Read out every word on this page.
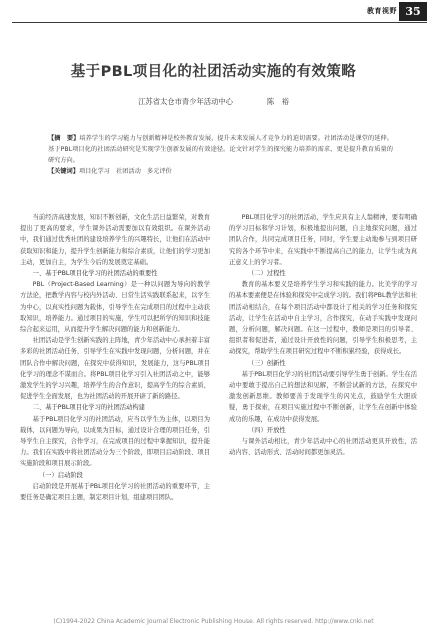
教育视野 35
基于PBL项目化的社团活动实施的有效策略
江苏省太仓市青少年活动中心	陈　裕
【摘　要】培养学生的学习能力与创新精神是校外教育发展，提升未来发展人才竞争力的迫切需要。社团活动是课堂的延伸。基于PBL项目化的社团活动研究是实现学生创新发展的有效途径。论文针对学生的探究能力培养的需求，更是提升教育质量的研究方向。
【关键词】项目化学习　社团活动　多元评价

当前经济高速发展，知识不断创新，文化生活日益繁荣，对教育提出了更高的要求，学生课外活动需要加以有效组织。在课外活动中，我们通过优秀社团的建设培养学生的兴趣特长，让他们在活动中获取知识和能力，提升学生创新能力和综合素质，让他们的学习更加主动，更加自主，为学生今后的发展奠定基础。

一、基于PBL项目化学习的社团活动的重要性

PBL（Project-Based Learning）是一种以问题为导向的教学方法论，把教学内容与校内外活动、日常生活实践联系起来，以学生为中心，以真实性问题为载体，引导学生在完成项目的过程中主动获取知识，培养能力。通过项目的实施，学生可以把所学的知识和技能综合起来运用，从而提升学生解决问题的能力和创新能力。

社团活动是学生创新实践的主阵地，青少年活动中心承担着丰富多彩的社团活动任务，引导学生在实践中发现问题，分析问题，并在团队合作中解决问题，在探究中获得知识，发展能力，这与PBL项目化学习的理念不谋而合。将PBL项目化学习引入社团活动之中，能够激发学生的学习兴趣，培养学生的合作意识，提高学生的综合素质，促进学生全面发展，也为社团活动的开展开辟了新的路径。

二、基于PBL项目化学习的社团活动构建

基于PBL项目化学习的社团活动，应当以学生为主体，以项目为载体，以问题为导向，以成果为目标，通过设计合理的项目任务，引导学生自主探究，合作学习，在完成项目的过程中掌握知识，提升能力。我们在实践中将社团活动分为三个阶段，即项目启动阶段、项目实施阶段和项目展示阶段。

（一）启动阶段

启动阶段是开展基于PBL项目化学习的社团活动的重要环节，主要任务是确定项目主题，制定项目计划，组建项目团队。

PBL项目化学习的社团活动，学生应具有主人翁精神，要有明确的学习目标和学习计划，积极地提出问题，自主地探究问题，通过团队合作，共同完成项目任务，同时，学生要主动地参与到项目研究的各个环节中来，在实践中不断提高自己的能力，让学生成为真正意义上的学习者。

（二）过程性

教育的基本要义是培养学生学习和实践的能力。比美学的学习的基本要素便是在体验和探究中完成学习的。我们将PBL教学法和社团活动相结合，在每个项目活动中都设计了相关的学习任务和探究活动，让学生在活动中自主学习，合作探究，在动手实践中发现问题，分析问题，解决问题。在这一过程中，教师是项目的引导者、组织者和促进者，通过设计开放性的问题，引导学生积极思考，主动探究，帮助学生在项目研究过程中不断积累经验，获得成长。

（三）创新性

基于PBL项目化学习的社团活动要引导学生勇于创新。学生在活动中要敢于提出自己的想法和见解，不断尝试新的方法，在探究中激发创新思维。教师要善于发现学生的闪光点，鼓励学生大胆质疑，勇于探索，在项目实施过程中不断创新，让学生在创新中体验成功的乐趣，在成功中获得发展。

（四）开放性

与课外活动相比，青少年活动中心的社团活动更具开放性，活动内容、活动形式、活动时间都更加灵活。

(C)1994-2022 China Academic Journal Electronic Publishing House. All rights reserved. http://www.cnki.net
